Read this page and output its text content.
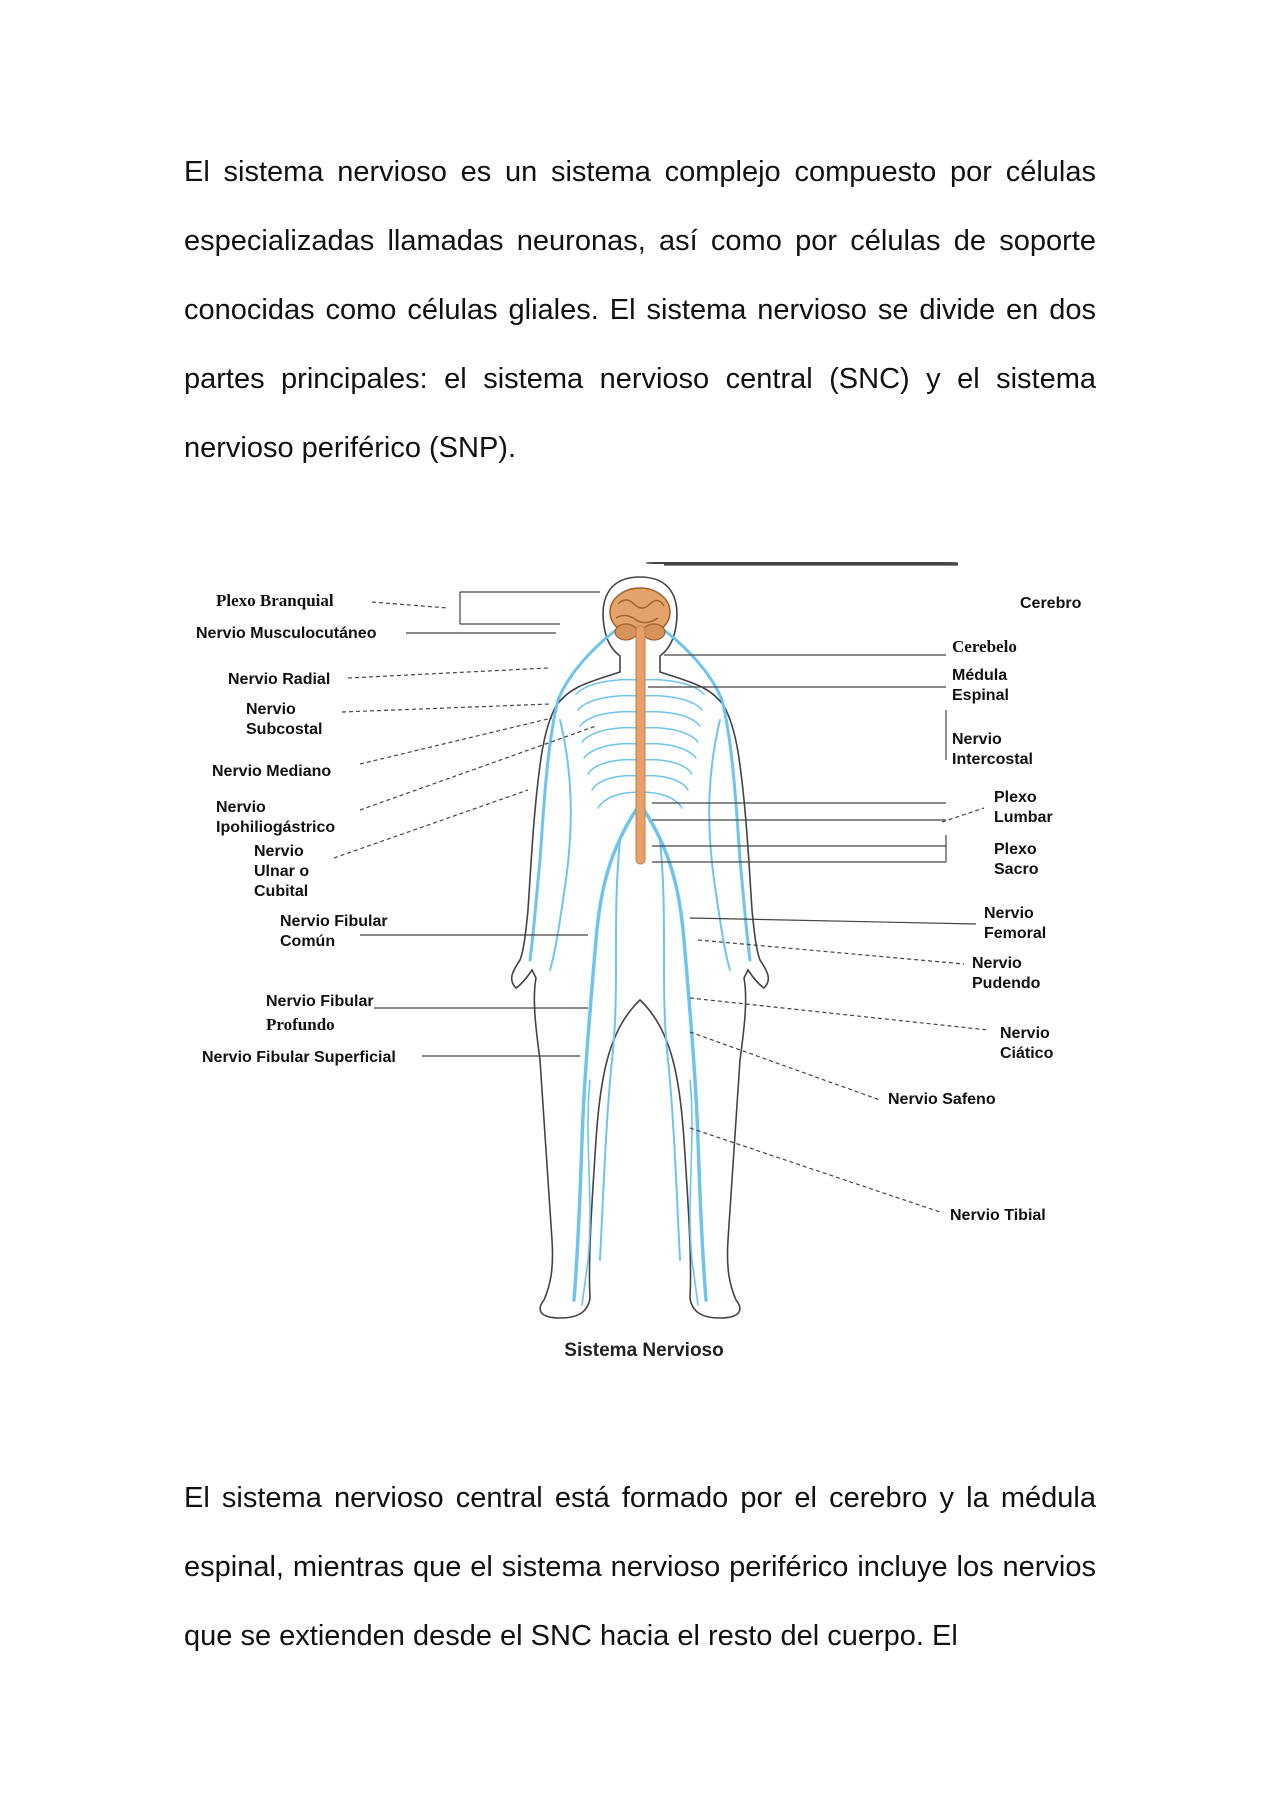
El sistema nervioso es un sistema complejo compuesto por células especializadas llamadas neuronas, así como por células de soporte conocidas como células gliales. El sistema nervioso se divide en dos partes principales: el sistema nervioso central (SNC) y el sistema nervioso periférico (SNP).

Plexo Branquial
Nervio Musculocutáneo
Nervio Radial
Nervio
Subcostal
Nervio Mediano
Nervio
Ipohiliogástrico
Nervio
Ulnar o
Cubital
Nervio Fibular
Común
Nervio Fibular
Profundo
Nervio Fibular Superficial
Cerebro
Cerebelo
Médula
Espinal
Nervio
Intercostal
Plexo
Lumbar
Plexo
Sacro
Nervio
Femoral
Nervio
Pudendo
Nervio
Ciático
Nervio Safeno
Nervio Tibial
Sistema Nervioso

El sistema nervioso central está formado por el cerebro y la médula espinal, mientras que el sistema nervioso periférico incluye los nervios que se extienden desde el SNC hacia el resto del cuerpo. El
